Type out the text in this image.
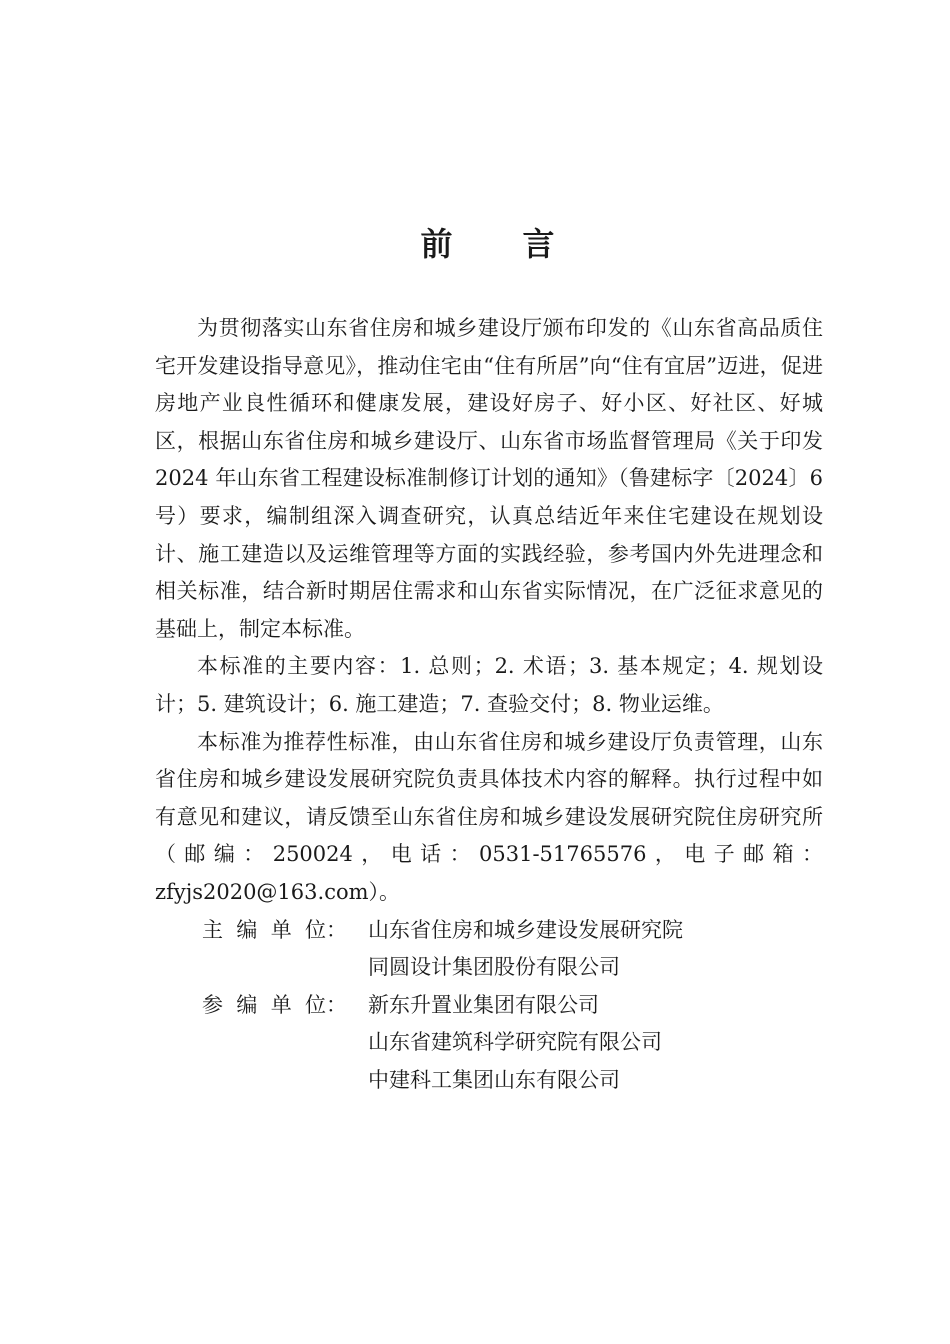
前 言

为贯彻落实山东省住房和城乡建设厅颁布印发的《山东省高品质住宅开发建设指导意见》，推动住宅由“住有所居”向“住有宜居”迈进，促进房地产业良性循环和健康发展，建设好房子、好小区、好社区、好城区，根据山东省住房和城乡建设厅、山东省市场监督管理局《关于印发 2024 年山东省工程建设标准制修订计划的通知》（鲁建标字〔2024〕6 号）要求，编制组深入调查研究，认真总结近年来住宅建设在规划设计、施工建造以及运维管理等方面的实践经验，参考国内外先进理念和相关标准，结合新时期居住需求和山东省实际情况，在广泛征求意见的基础上，制定本标准。

本标准的主要内容：1. 总则；2. 术语；3. 基本规定；4. 规划设计；5. 建筑设计；6. 施工建造；7. 查验交付；8. 物业运维。

本标准为推荐性标准，由山东省住房和城乡建设厅负责管理，山东省住房和城乡建设发展研究院负责具体技术内容的解释。执行过程中如有意见和建议，请反馈至山东省住房和城乡建设发展研究院住房研究所（邮编：250024，电话：0531-51765576，电子邮箱：zfyjs2020@163.com）。

主  编  单  位： 山东省住房和城乡建设发展研究院
同圆设计集团股份有限公司
参  编  单  位： 新东升置业集团有限公司
山东省建筑科学研究院有限公司
中建科工集团山东有限公司
